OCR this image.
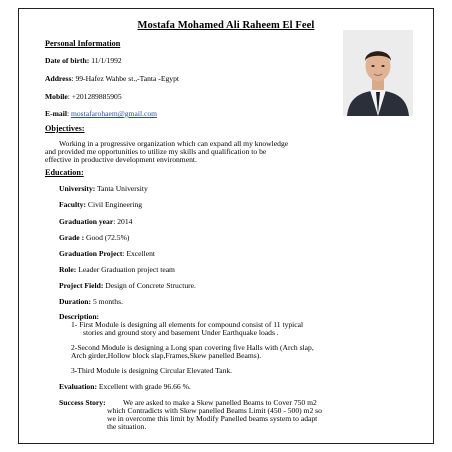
Mostafa Mohamed Ali Raheem El Feel
Personal Information
Date of birth: 11/1/1992
Address: 99-Hafez Wahbe st.,-Tanta -Egypt
Mobile: +201289885905
E-mail: mostafarohaem@gmail.com
Objectives:
Working in a progressive organization which can expand all my knowledge
and provided me opportunities to utilize my skills and qualification to be
effective in productive development environment.
Education:
University: Tanta University
Faculty: Civil Engineering
Graduation year: 2014
Grade : Good (72.5%)
Graduation Project: Excellent
Role: Leader Graduation project team
Project Field: Design of Concrete Structure.
Duration: 5 months.
Description:
1- First Module is designing all elements for compound consist of 11 typical
stories and ground story and basement Under Earthquake loads .
2-Second Module is designing a Long span covering five Halls with (Arch slap,
Arch girder,Hollow block slap,Frames,Skew panelled Beams).
3-Third Module is designing Circular Elevated Tank.
Evaluation: Excellent with grade 96.66 %.
Success Story: We are asked to make a Skew panelled Beams to Cover 750 m2
which Contradicts with Skew panelled Beams Limit (450 - 500) m2 so
we in overcome this limit by Modify Panelled beams system to adapt
the situation.
